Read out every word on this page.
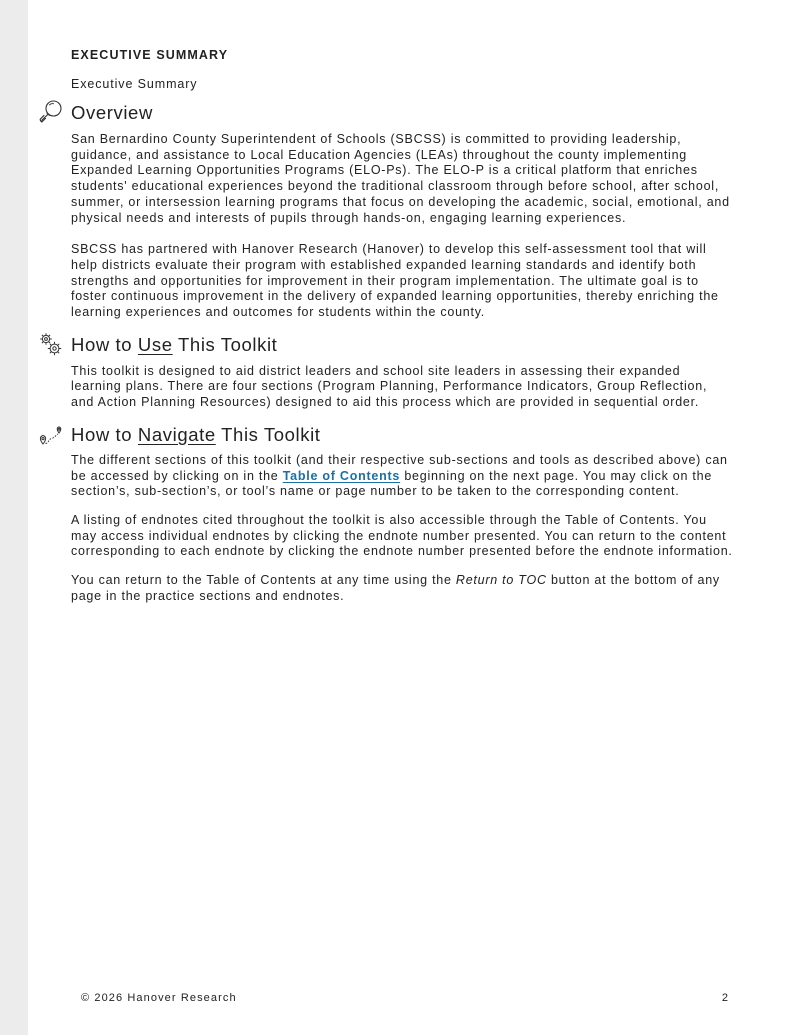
EXECUTIVE SUMMARY

Executive Summary

Overview

San Bernardino County Superintendent of Schools (SBCSS) is committed to providing leadership, guidance, and assistance to Local Education Agencies (LEAs) throughout the county implementing Expanded Learning Opportunities Programs (ELO-Ps). The ELO-P is a critical platform that enriches students' educational experiences beyond the traditional classroom through before school, after school, summer, or intersession learning programs that focus on developing the academic, social, emotional, and physical needs and interests of pupils through hands-on, engaging learning experiences.

SBCSS has partnered with Hanover Research (Hanover) to develop this self-assessment tool that will help districts evaluate their program with established expanded learning standards and identify both strengths and opportunities for improvement in their program implementation. The ultimate goal is to foster continuous improvement in the delivery of expanded learning opportunities, thereby enriching the learning experiences and outcomes for students within the county.

How to Use This Toolkit

This toolkit is designed to aid district leaders and school site leaders in assessing their expanded learning plans. There are four sections (Program Planning, Performance Indicators, Group Reflection, and Action Planning Resources) designed to aid this process which are provided in sequential order.

How to Navigate This Toolkit

The different sections of this toolkit (and their respective sub-sections and tools as described above) can be accessed by clicking on in the Table of Contents beginning on the next page. You may click on the section’s, sub-section’s, or tool’s name or page number to be taken to the corresponding content.

A listing of endnotes cited throughout the toolkit is also accessible through the Table of Contents. You may access individual endnotes by clicking the endnote number presented. You can return to the content corresponding to each endnote by clicking the endnote number presented before the endnote information.

You can return to the Table of Contents at any time using the Return to TOC button at the bottom of any page in the practice sections and endnotes.

© 2026 Hanover Research	2
